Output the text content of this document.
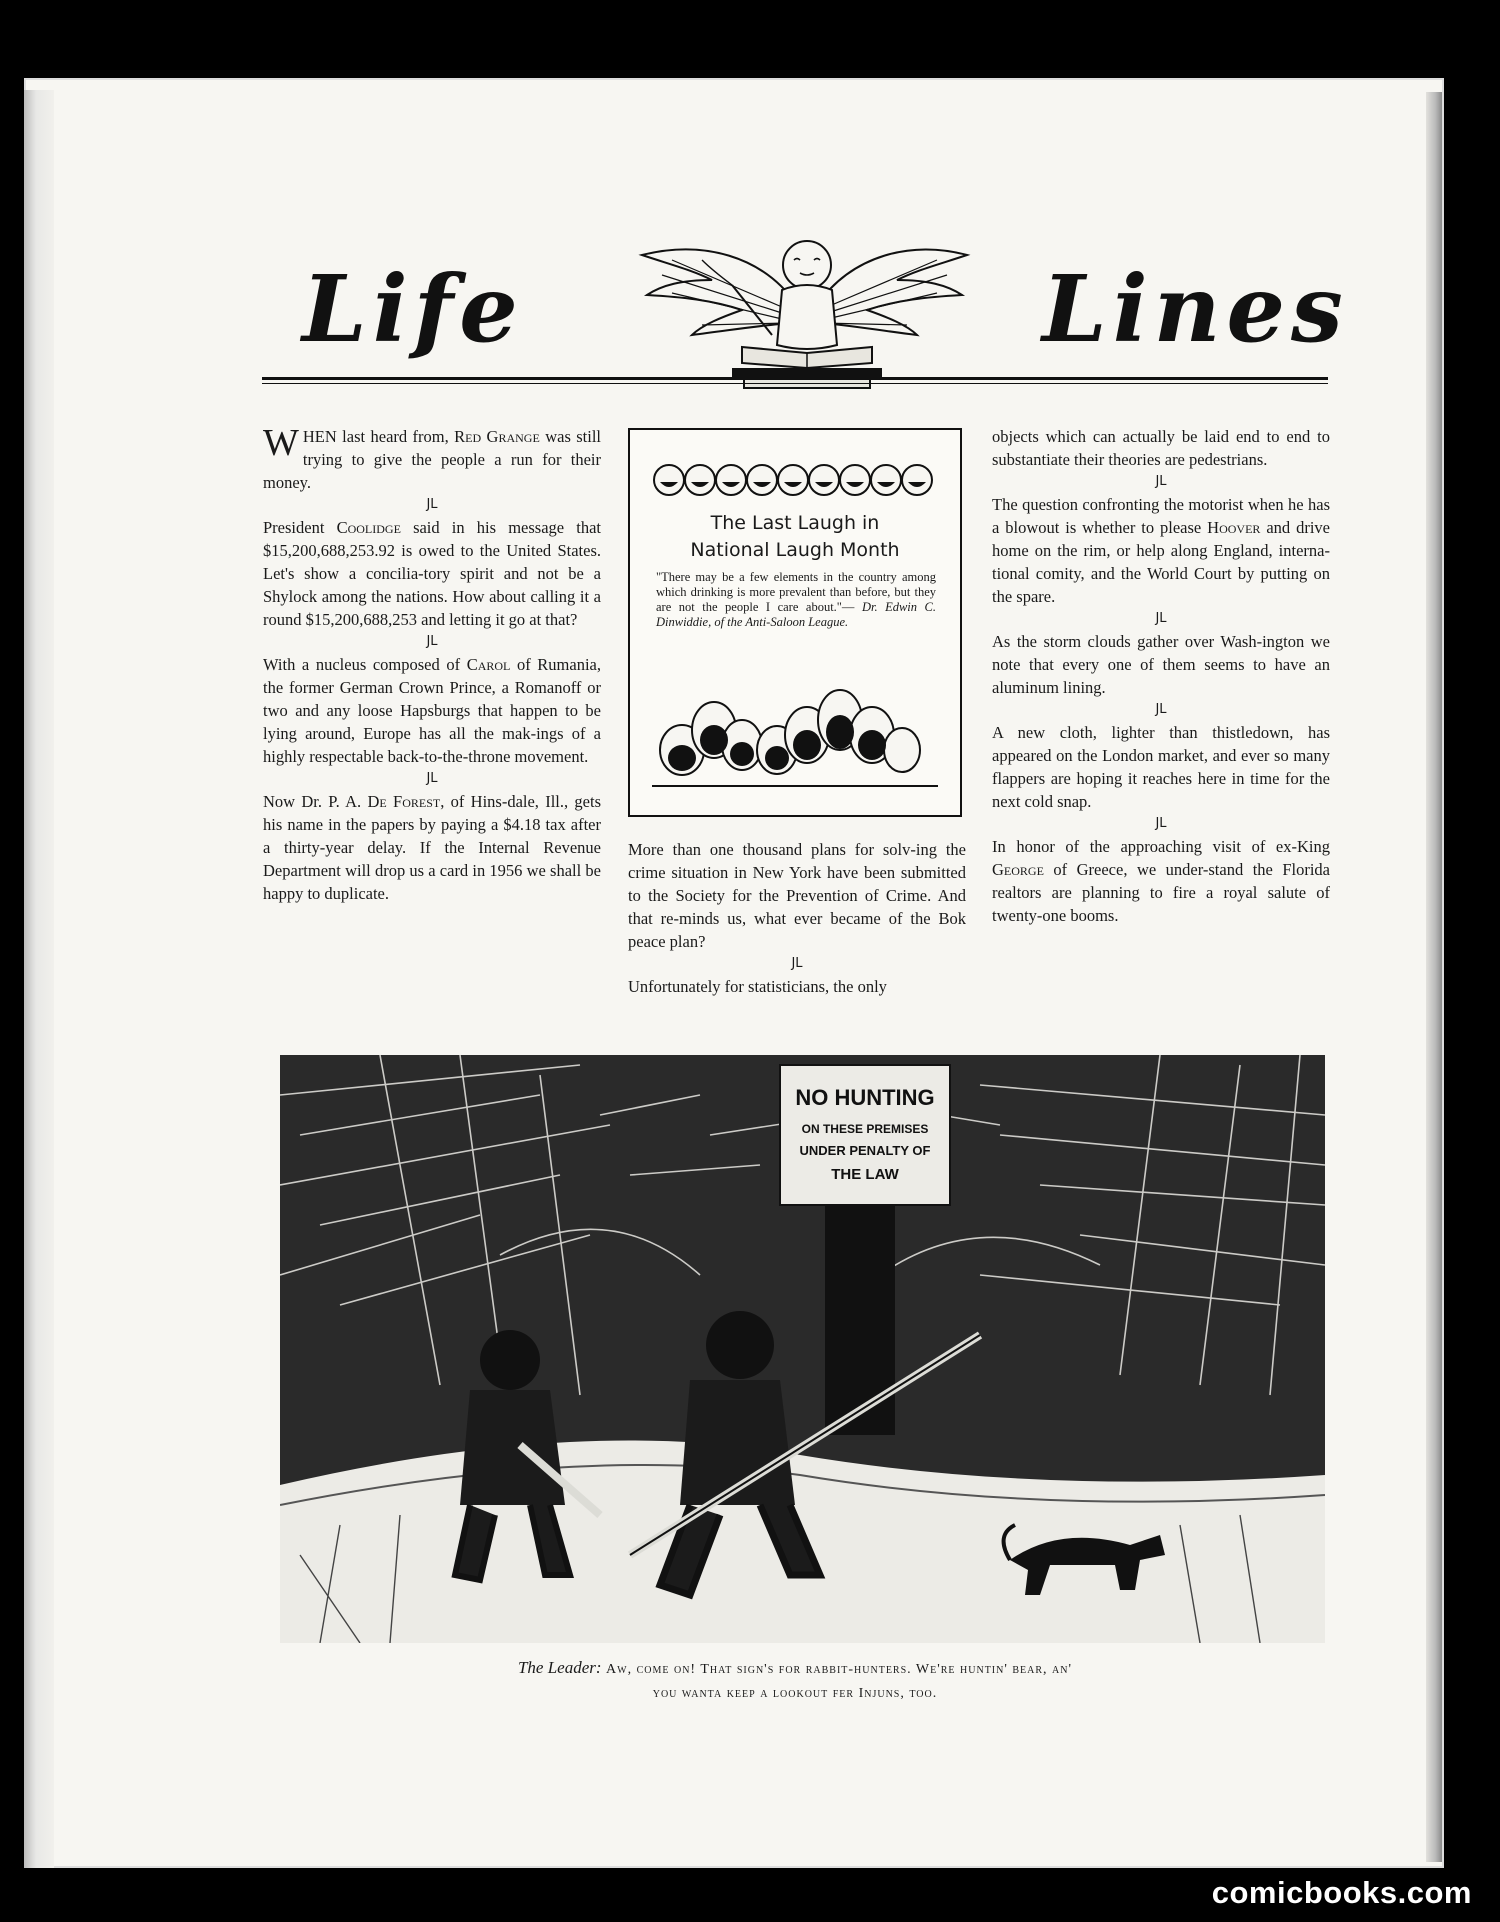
Life	Lines

WHEN last heard from, Red Grange was still trying to give the people a run for their money.

JL

President Coolidge said in his message that $15,200,688,253.92 is owed to the United States. Let's show a concilia-tory spirit and not be a Shylock among the nations. How about calling it a round $15,200,688,253 and letting it go at that?

JL

With a nucleus composed of Carol of Rumania, the former German Crown Prince, a Romanoff or two and any loose Hapsburgs that happen to be lying around, Europe has all the mak-ings of a highly respectable back-to-the-throne movement.

JL

Now Dr. P. A. De Forest, of Hins-dale, Ill., gets his name in the papers by paying a $4.18 tax after a thirty-year delay. If the Internal Revenue Department will drop us a card in 1956 we shall be happy to duplicate.

The Last Laugh in
National Laugh Month
"There may be a few elements in the country among which drinking is more prevalent than before, but they are not the people I care about."— Dr. Edwin C. Dinwiddie, of the Anti-Saloon League.

More than one thousand plans for solv-ing the crime situation in New York have been submitted to the Society for the Prevention of Crime. And that re-minds us, what ever became of the Bok peace plan?

JL

Unfortunately for statisticians, the only

objects which can actually be laid end to end to substantiate their theories are pedestrians.

JL

The question confronting the motorist when he has a blowout is whether to please Hoover and drive home on the rim, or help along England, interna-tional comity, and the World Court by putting on the spare.

JL

As the storm clouds gather over Wash-ington we note that every one of them seems to have an aluminum lining.

JL

A new cloth, lighter than thistledown, has appeared on the London market, and ever so many flappers are hoping it reaches here in time for the next cold snap.

JL

In honor of the approaching visit of ex-King George of Greece, we under-stand the Florida realtors are planning to fire a royal salute of twenty-one booms.

NO HUNTING
ON THESE PREMISES
UNDER PENALTY OF
THE LAW
The Leader: Aw, come on! That sign's for rabbit-hunters. We're huntin' bear, an'
you wanta keep a lookout fer Injuns, too.
comicbooks.com
